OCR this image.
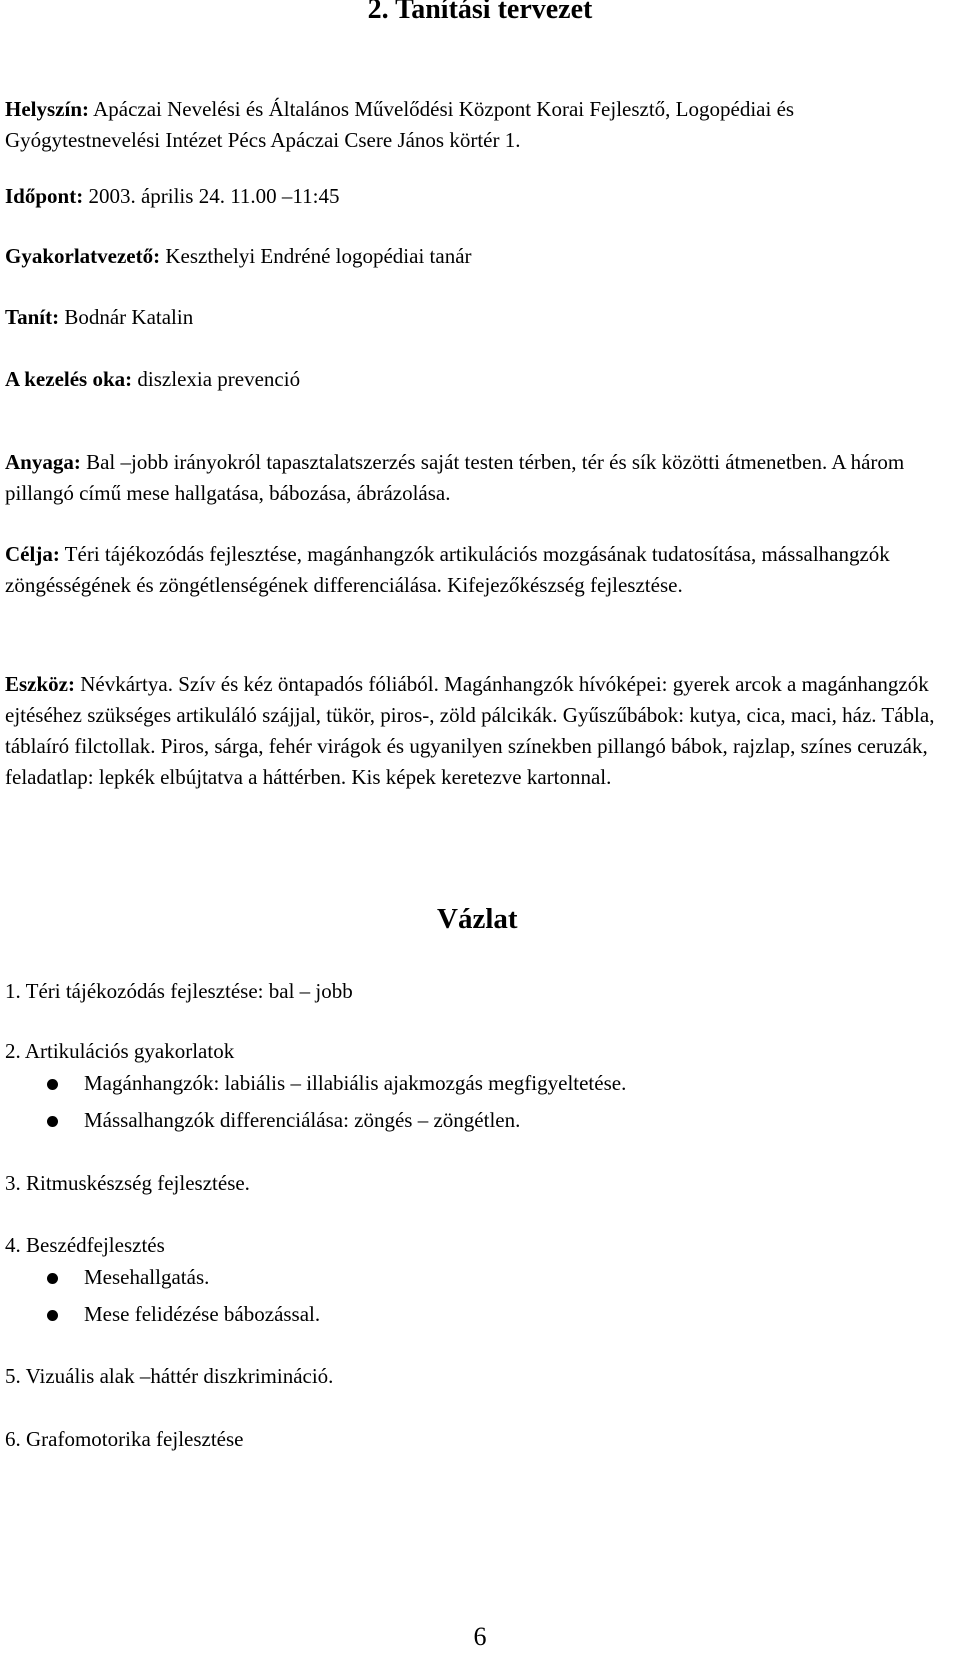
2. Tanítási tervezet
Helyszín: Apáczai Nevelési és Általános Művelődési Központ Korai Fejlesztő, Logopédiai és Gyógytestnevelési Intézet Pécs Apáczai Csere János körtér 1.
Időpont: 2003. április 24. 11.00 –11:45
Gyakorlatvezető: Keszthelyi Endréné logopédiai tanár
Tanít: Bodnár Katalin
A kezelés oka: diszlexia prevenció
Anyaga: Bal –jobb irányokról tapasztalatszerzés saját testen térben, tér és sík közötti átmenetben. A három pillangó című mese hallgatása, bábozása, ábrázolása.
Célja: Téri tájékozódás fejlesztése, magánhangzók artikulációs mozgásának tudatosítása, mássalhangzók zöngésségének és zöngétlenségének differenciálása. Kifejezőkészség fejlesztése.
Eszköz: Névkártya. Szív és kéz öntapadós fóliából. Magánhangzók hívóképei: gyerek arcok a magánhangzók ejtéséhez szükséges artikuláló szájjal, tükör, piros-, zöld pálcikák. Gyűszűbábok: kutya, cica, maci, ház. Tábla, táblaíró filctollak. Piros, sárga, fehér virágok és ugyanilyen színekben pillangó bábok, rajzlap, színes ceruzák, feladatlap: lepkék elbújtatva a háttérben. Kis képek keretezve kartonnal.
Vázlat
1. Téri tájékozódás fejlesztése: bal – jobb
2. Artikulációs gyakorlatok
Magánhangzók: labiális – illabiális ajakmozgás megfigyeltetése.
Mássalhangzók differenciálása: zöngés – zöngétlen.
3. Ritmuskészség fejlesztése.
4. Beszédfejlesztés
Mesehallgatás.
Mese felidézése bábozással.
5. Vizuális alak –háttér diszkrimináció.
6. Grafomotorika fejlesztése
6
